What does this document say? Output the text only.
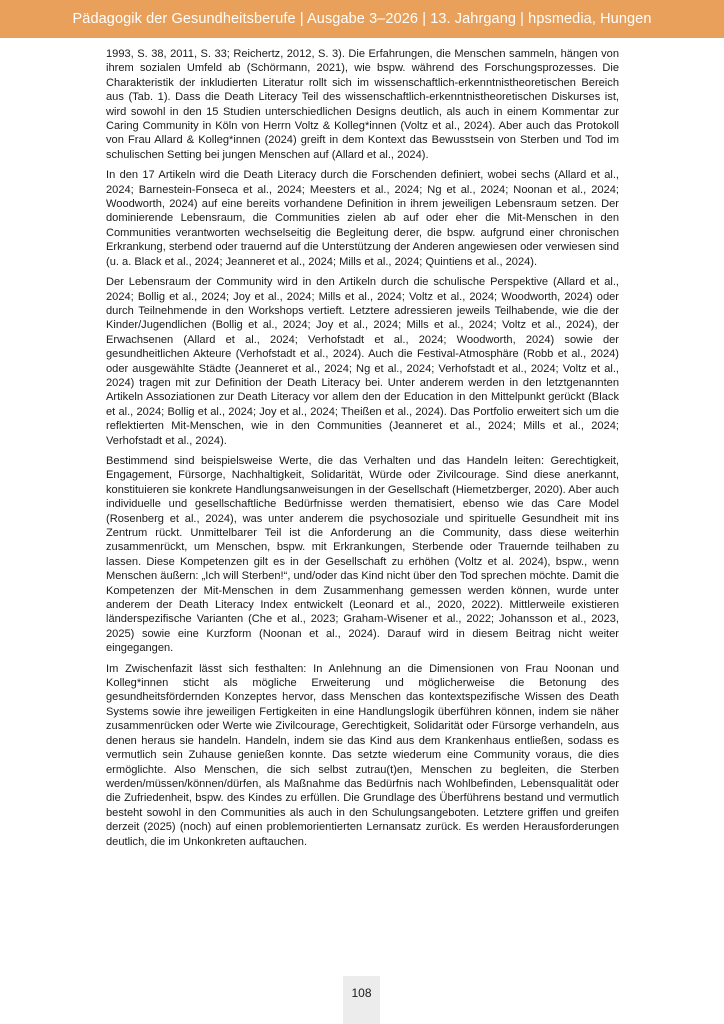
Pädagogik der Gesundheitsberufe | Ausgabe 3–2026 | 13. Jahrgang | hpsmedia, Hungen

1993, S. 38, 2011, S. 33; Reichertz, 2012, S. 3). Die Erfahrungen, die Menschen sammeln, hängen von ihrem sozialen Umfeld ab (Schörmann, 2021), wie bspw. während des Forschungsprozesses. Die Charakteristik der inkludierten Literatur rollt sich im wissenschaftlich-erkenntnistheoretischen Bereich aus (Tab. 1). Dass die Death Literacy Teil des wissenschaftlich-erkenntnistheoretischen Diskurses ist, wird sowohl in den 15 Studien unterschiedlichen Designs deutlich, als auch in einem Kommentar zur Caring Community in Köln von Herrn Voltz & Kolleg*innen (Voltz et al., 2024). Aber auch das Protokoll von Frau Allard & Kolleg*innen (2024) greift in dem Kontext das Bewusstsein von Sterben und Tod im schulischen Setting bei jungen Menschen auf (Allard et al., 2024).

In den 17 Artikeln wird die Death Literacy durch die Forschenden definiert, wobei sechs (Allard et al., 2024; Barnestein-Fonseca et al., 2024; Meesters et al., 2024; Ng et al., 2024; Noonan et al., 2024; Woodworth, 2024) auf eine bereits vorhandene Definition in ihrem jeweiligen Lebensraum setzen. Der dominierende Lebensraum, die Communities zielen ab auf oder eher die Mit-Menschen in den Communities verantworten wechselseitig die Begleitung derer, die bspw. aufgrund einer chronischen Erkrankung, sterbend oder trauernd auf die Unterstützung der Anderen angewiesen oder verwiesen sind (u. a. Black et al., 2024; Jeanneret et al., 2024; Mills et al., 2024; Quintiens et al., 2024).

Der Lebensraum der Community wird in den Artikeln durch die schulische Perspektive (Allard et al., 2024; Bollig et al., 2024; Joy et al., 2024; Mills et al., 2024; Voltz et al., 2024; Woodworth, 2024) oder durch Teilnehmende in den Workshops vertieft. Letztere adressieren jeweils Teilhabende, wie die der Kinder/Jugendlichen (Bollig et al., 2024; Joy et al., 2024; Mills et al., 2024; Voltz et al., 2024), der Erwachsenen (Allard et al., 2024; Verhofstadt et al., 2024; Woodworth, 2024) sowie der gesundheitlichen Akteure (Verhofstadt et al., 2024). Auch die Festival-Atmosphäre (Robb et al., 2024) oder ausgewählte Städte (Jeanneret et al., 2024; Ng et al., 2024; Verhofstadt et al., 2024; Voltz et al., 2024) tragen mit zur Definition der Death Literacy bei. Unter anderem werden in den letztgenannten Artikeln Assoziationen zur Death Literacy vor allem den der Education in den Mittelpunkt gerückt (Black et al., 2024; Bollig et al., 2024; Joy et al., 2024; Theißen et al., 2024). Das Portfolio erweitert sich um die reflektierten Mit-Menschen, wie in den Communities (Jeanneret et al., 2024; Mills et al., 2024; Verhofstadt et al., 2024).

Bestimmend sind beispielsweise Werte, die das Verhalten und das Handeln leiten: Gerechtigkeit, Engagement, Fürsorge, Nachhaltigkeit, Solidarität, Würde oder Zivilcourage. Sind diese anerkannt, konstituieren sie konkrete Handlungsanweisungen in der Gesellschaft (Hiemetzberger, 2020). Aber auch individuelle und gesellschaftliche Bedürfnisse werden thematisiert, ebenso wie das Care Model (Rosenberg et al., 2024), was unter anderem die psychosoziale und spirituelle Gesundheit mit ins Zentrum rückt. Unmittelbarer Teil ist die Anforderung an die Community, dass diese weiterhin zusammenrückt, um Menschen, bspw. mit Erkrankungen, Sterbende oder Trauernde teilhaben zu lassen. Diese Kompetenzen gilt es in der Gesellschaft zu erhöhen (Voltz et al. 2024), bspw., wenn Menschen äußern: „Ich will Sterben!“, und/oder das Kind nicht über den Tod sprechen möchte. Damit die Kompetenzen der Mit-Menschen in dem Zusammenhang gemessen werden können, wurde unter anderem der Death Literacy Index entwickelt (Leonard et al., 2020, 2022). Mittlerweile existieren länderspezifische Varianten (Che et al., 2023; Graham-Wisener et al., 2022; Johansson et al., 2023, 2025) sowie eine Kurzform (Noonan et al., 2024). Darauf wird in diesem Beitrag nicht weiter eingegangen.

Im Zwischenfazit lässt sich festhalten: In Anlehnung an die Dimensionen von Frau Noonan und Kolleg*innen sticht als mögliche Erweiterung und möglicherweise die Betonung des gesundheitsfördernden Konzeptes hervor, dass Menschen das kontextspezifische Wissen des Death Systems sowie ihre jeweiligen Fertigkeiten in eine Handlungslogik überführen können, indem sie näher zusammenrücken oder Werte wie Zivilcourage, Gerechtigkeit, Solidarität oder Fürsorge verhandeln, aus denen heraus sie handeln. Handeln, indem sie das Kind aus dem Krankenhaus entließen, sodass es vermutlich sein Zuhause genießen konnte. Das setzte wiederum eine Community voraus, die dies ermöglichte. Also Menschen, die sich selbst zutrau(t)en, Menschen zu begleiten, die Sterben werden/müssen/können/dürfen, als Maßnahme das Bedürfnis nach Wohlbefinden, Lebensqualität oder die Zufriedenheit, bspw. des Kindes zu erfüllen. Die Grundlage des Überführens bestand und vermutlich besteht sowohl in den Communities als auch in den Schulungsangeboten. Letztere griffen und greifen derzeit (2025) (noch) auf einen problemorientierten Lernansatz zurück. Es werden Herausforderungen deutlich, die im Unkonkreten auftauchen.

108
